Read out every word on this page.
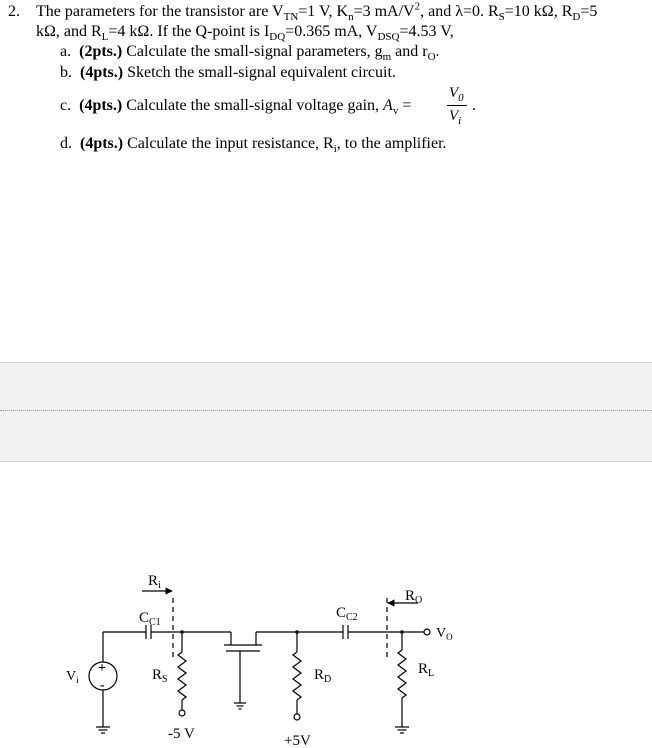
2. The parameters for the transistor are $V_{TN}=1$ V, $K_n=3$ $mA/V^2$, and λ=0. $R_S=10$ kΩ, $R_D=5$
kΩ, and $R_L=4$ kΩ. If the Q-point is $I_{DQ}=0.365$ mA, $V_{DSQ}=4.53$ V,
a. (2pts.) Calculate the small-signal parameters, $g_m$ and $r_O$.
b. (4pts.) Sketch the small-signal equivalent circuit.
c. (4pts.) Calculate the small-signal voltage gain, $A_v$ =
$V_0$
$V_i$
.
d. (4pts.) Calculate the input resistance, $R_i$, to the amplifier.
$R_i$
$C_{C1}$
$C_{C2}$
$R_O$
$V_O$
$V_i$
+
-
$R_S$	$R_D$
$R_L$
-5 V	+5V
